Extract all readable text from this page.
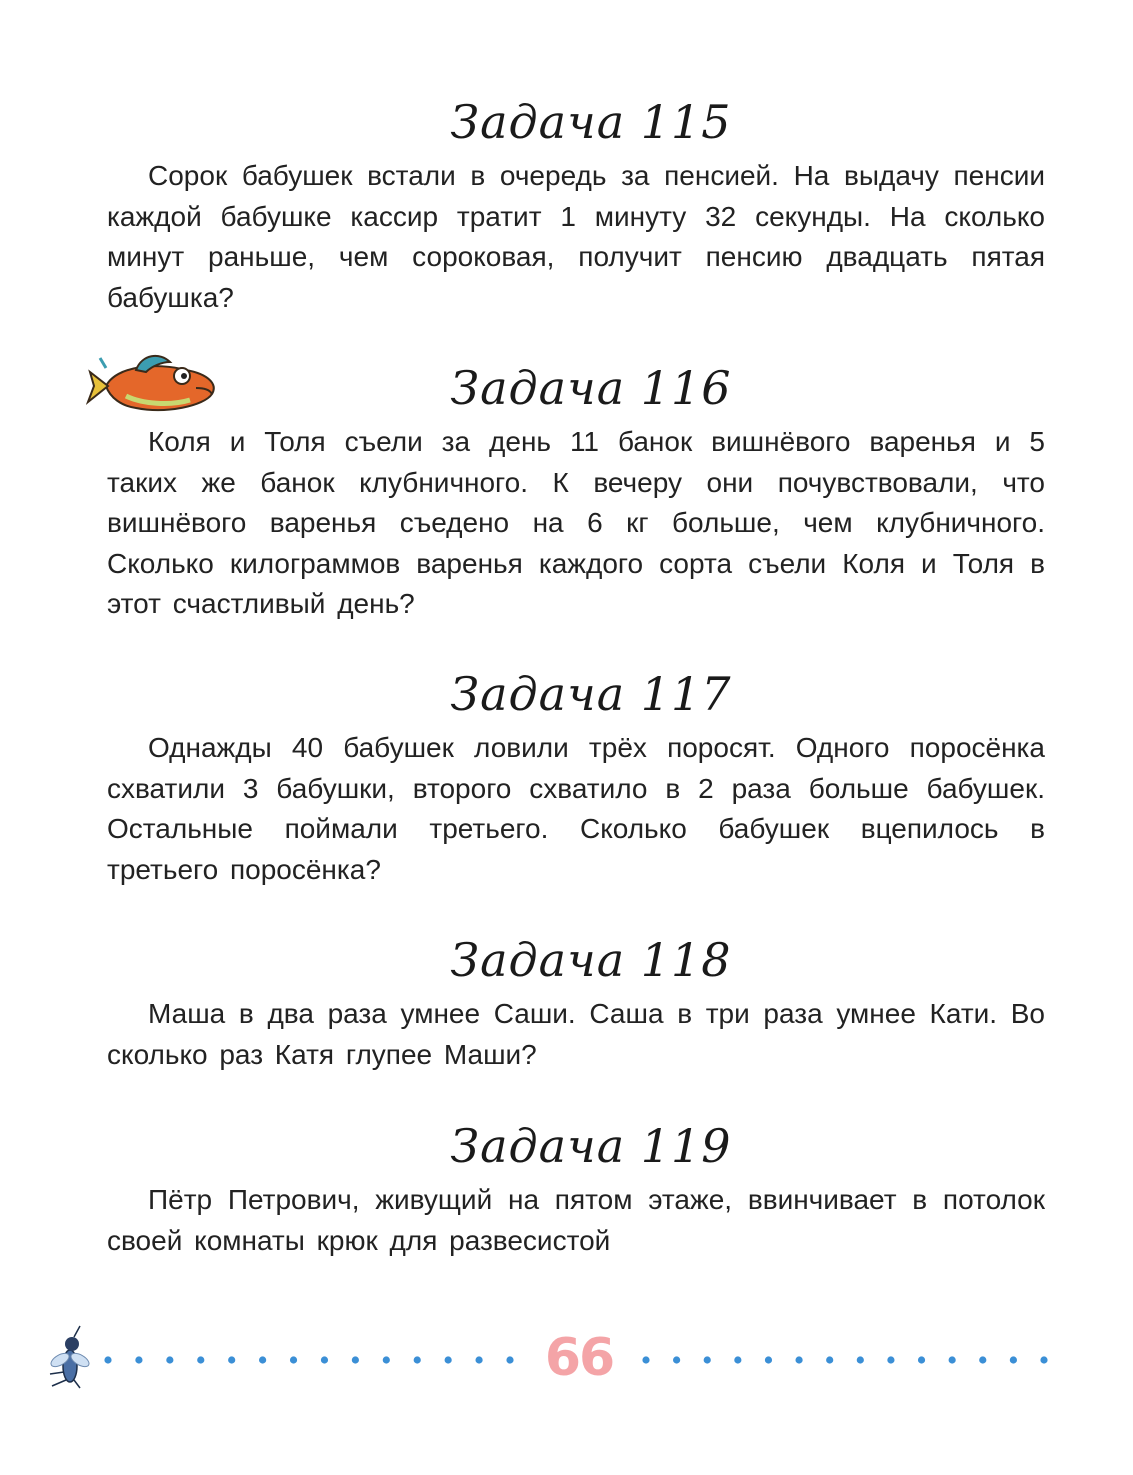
Задача 115
Сорок бабушек встали в очередь за пенсией. На выдачу пенсии каждой бабушке кассир тратит 1 минуту 32 секунды. На сколько минут раньше, чем сороковая, получит пенсию двадцать пятая бабушка?
Задача 116
Коля и Толя съели за день 11 банок вишнёвого варенья и 5 таких же банок клубничного. К вечеру они почувствовали, что вишнёвого варенья съедено на 6 кг больше, чем клубничного. Сколько килограммов варенья каждого сорта съели Коля и Толя в этот счастливый день?
Задача 117
Однажды 40 бабушек ловили трёх поросят. Одного поросёнка схватили 3 бабушки, второго схватило в 2 раза больше бабушек. Остальные поймали третьего. Сколько бабушек вцепилось в третьего поросёнка?
Задача 118
Маша в два раза умнее Саши. Саша в три раза умнее Кати. Во сколько раз Катя глупее Маши?
Задача 119
Пётр Петрович, живущий на пятом этаже, ввинчивает в потолок своей комнаты крюк для развесистой
66
